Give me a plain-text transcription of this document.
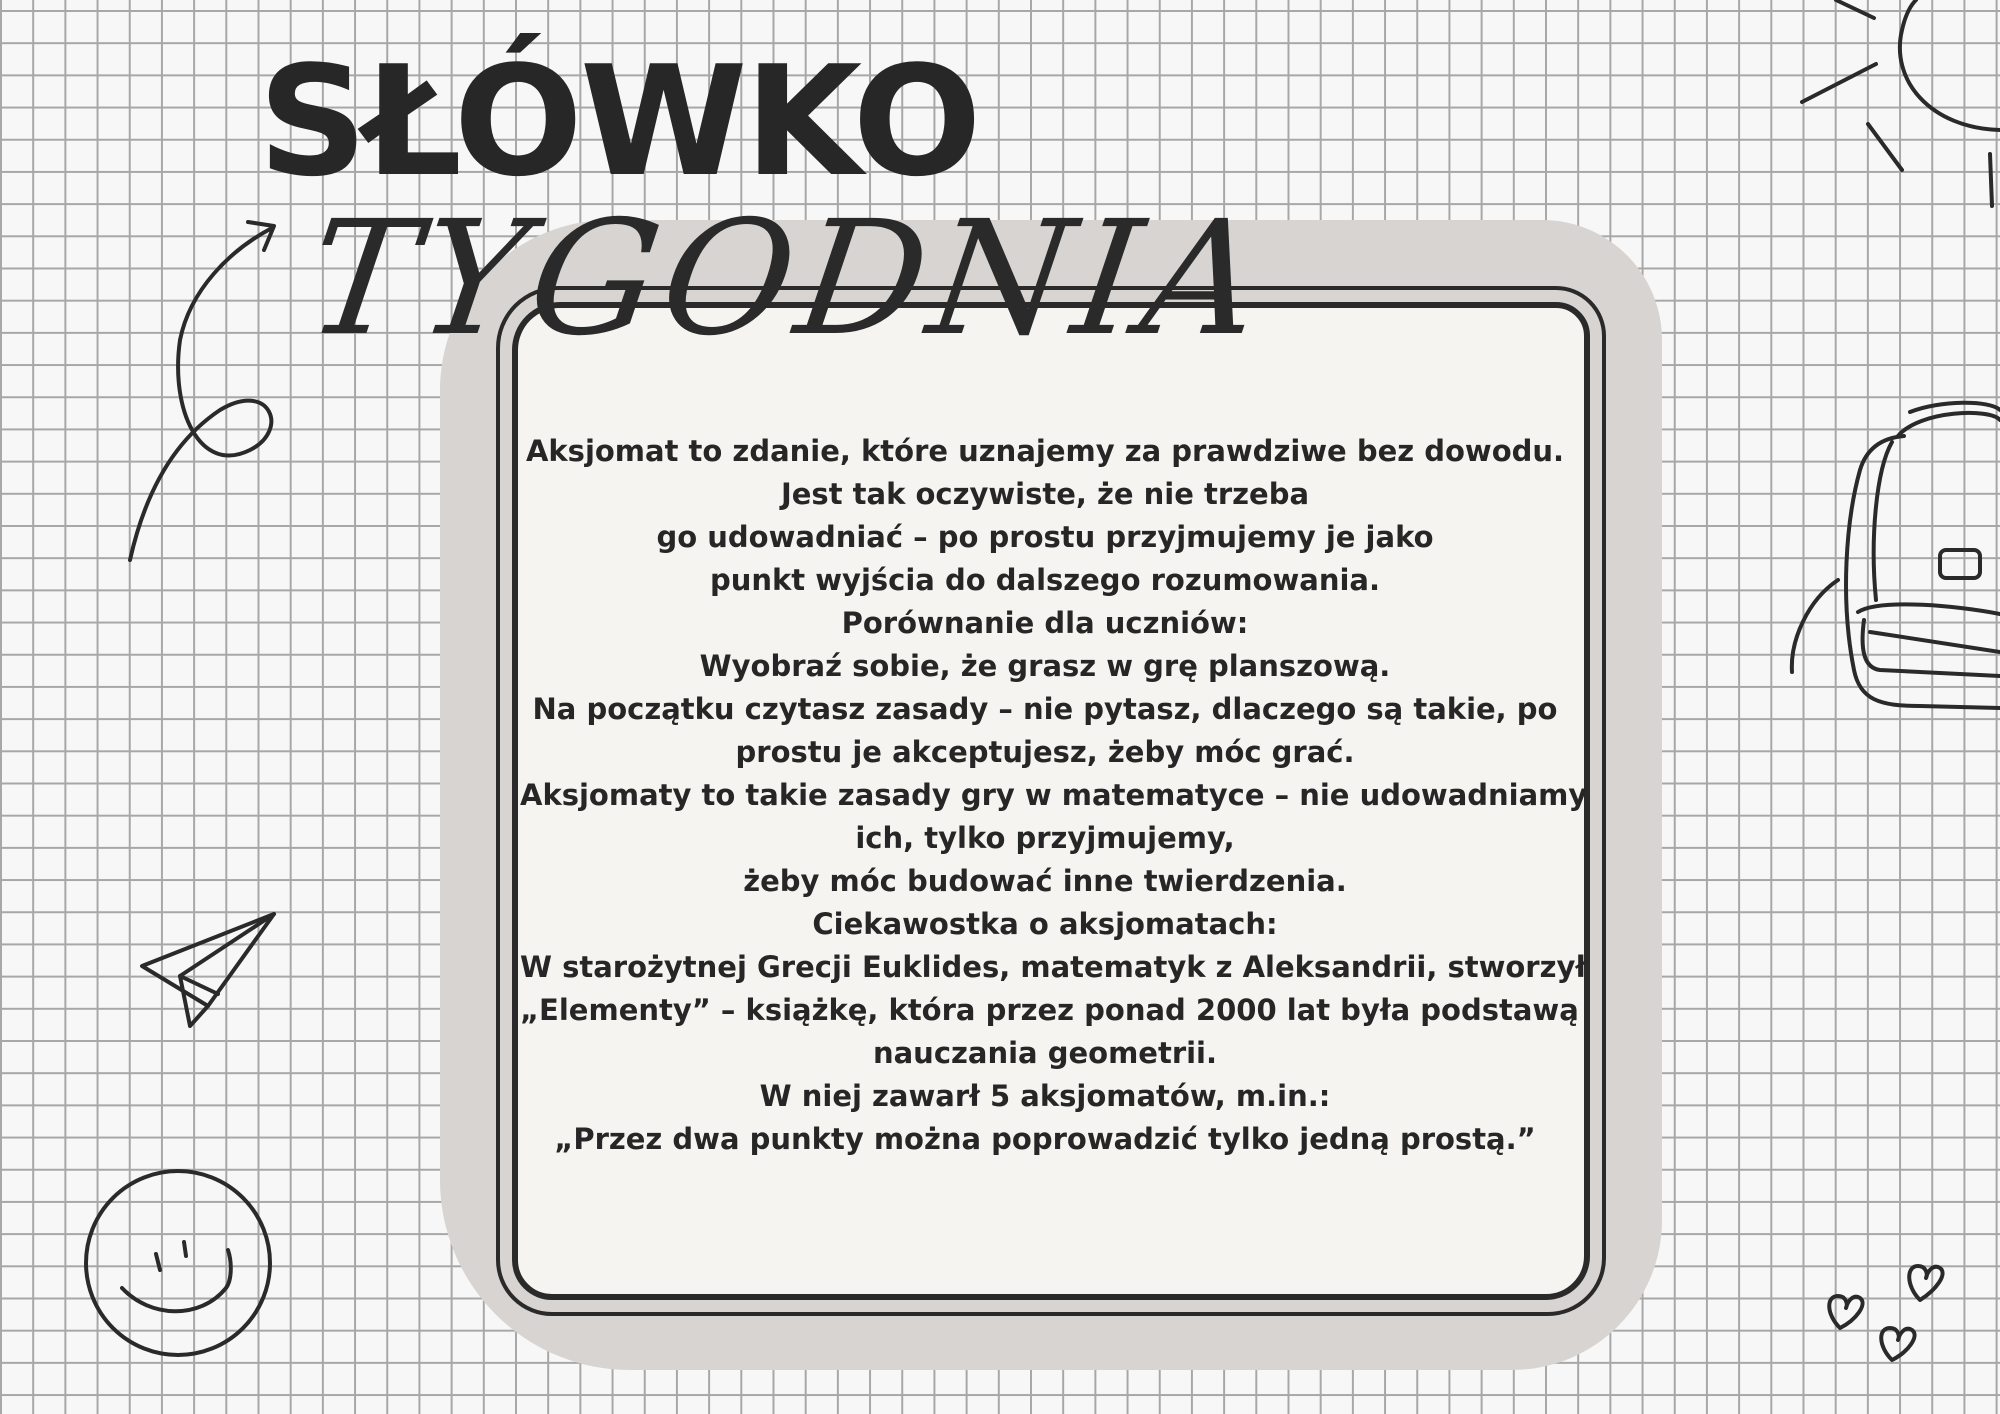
SŁÓWKO
TYGODNIA
Aksjomat to zdanie, które uznajemy za prawdziwe bez dowodu.
Jest tak oczywiste, że nie trzeba
go udowadniać – po prostu przyjmujemy je jako
punkt wyjścia do dalszego rozumowania.
Porównanie dla uczniów:
Wyobraź sobie, że grasz w grę planszową.
Na początku czytasz zasady – nie pytasz, dlaczego są takie, po
prostu je akceptujesz, żeby móc grać.
Aksjomaty to takie zasady gry w matematyce – nie udowadniamy
ich, tylko przyjmujemy,
żeby móc budować inne twierdzenia.
Ciekawostka o aksjomatach:
W starożytnej Grecji Euklides, matematyk z Aleksandrii, stworzył
„Elementy” – książkę, która przez ponad 2000 lat była podstawą
nauczania geometrii.
W niej zawarł 5 aksjomatów, m.in.:
„Przez dwa punkty można poprowadzić tylko jedną prostą.”
